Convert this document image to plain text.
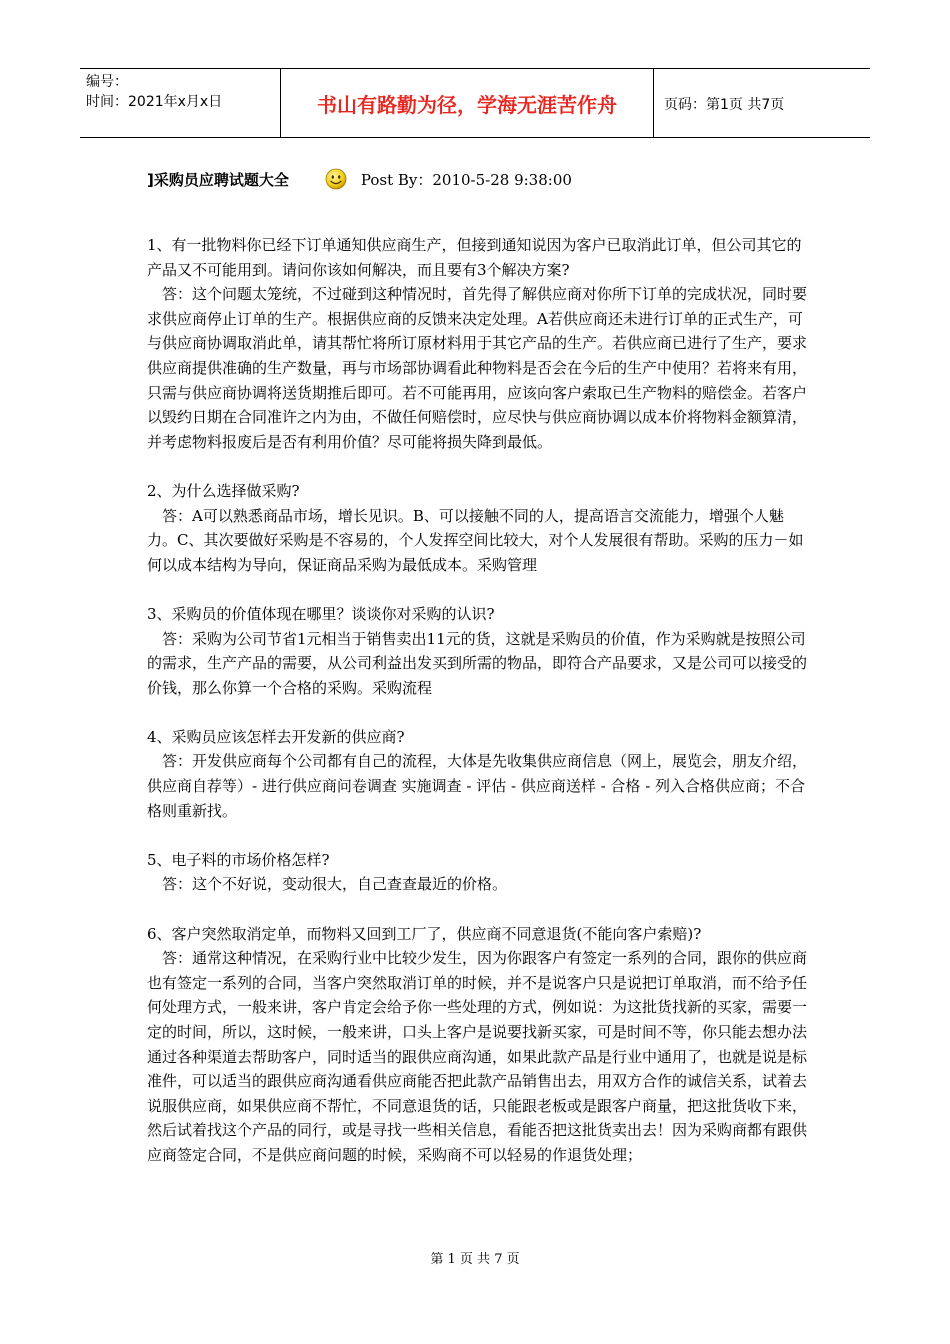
编号：
时间：2021年x月x日	书山有路勤为径，学海无涯苦作舟	页码：第1页 共7页
]采购员应聘试题大全	Post By：2010-5-28 9:38:00

1、有一批物料你已经下订单通知供应商生产，但接到通知说因为客户已取消此订单，但公司其它的产品又不可能用到。请问你该如何解决，而且要有3个解决方案?

答：这个问题太笼统，不过碰到这种情况时，首先得了解供应商对你所下订单的完成状况，同时要求供应商停止订单的生产。根据供应商的反馈来决定处理。A若供应商还未进行订单的正式生产，可与供应商协调取消此单，请其帮忙将所订原材料用于其它产品的生产。若供应商已进行了生产，要求供应商提供准确的生产数量，再与市场部协调看此种物料是否会在今后的生产中使用？若将来有用，只需与供应商协调将送货期推后即可。若不可能再用，应该向客户索取已生产物料的赔偿金。若客户以毁约日期在合同准许之内为由，不做任何赔偿时，应尽快与供应商协调以成本价将物料金额算清，并考虑物料报废后是否有利用价值？尽可能将损失降到最低。

2、为什么选择做采购?

答：A可以熟悉商品市场，增长见识。B、可以接触不同的人，提高语言交流能力，增强个人魅力。C、其次要做好采购是不容易的，个人发挥空间比较大，对个人发展很有帮助。采购的压力－如何以成本结构为导向，保证商品采购为最低成本。采购管理

3、采购员的价值体现在哪里？谈谈你对采购的认识?

答：采购为公司节省1元相当于销售卖出11元的货，这就是采购员的价值，作为采购就是按照公司的需求，生产产品的需要，从公司利益出发买到所需的物品，即符合产品要求，又是公司可以接受的价钱，那么你算一个合格的采购。采购流程

4、采购员应该怎样去开发新的供应商?

答：开发供应商每个公司都有自己的流程，大体是先收集供应商信息（网上，展览会，朋友介绍，供应商自荐等）- 进行供应商问卷调查 实施调查 - 评估 - 供应商送样 - 合格 - 列入合格供应商；不合格则重新找。

5、电子料的市场价格怎样?

答：这个不好说，变动很大，自己查查最近的价格。

6、客户突然取消定单，而物料又回到工厂了，供应商不同意退货(不能向客户索赔)?

答：通常这种情况，在采购行业中比较少发生，因为你跟客户有签定一系列的合同，跟你的供应商也有签定一系列的合同，当客户突然取消订单的时候，并不是说客户只是说把订单取消，而不给予任何处理方式，一般来讲，客户肯定会给予你一些处理的方式，例如说：为这批货找新的买家，需要一定的时间，所以，这时候，一般来讲，口头上客户是说要找新买家，可是时间不等，你只能去想办法通过各种渠道去帮助客户，同时适当的跟供应商沟通，如果此款产品是行业中通用了，也就是说是标准件，可以适当的跟供应商沟通看供应商能否把此款产品销售出去，用双方合作的诚信关系，试着去说服供应商，如果供应商不帮忙，不同意退货的话，只能跟老板或是跟客户商量，把这批货收下来，然后试着找这个产品的同行，或是寻找一些相关信息，看能否把这批货卖出去！因为采购商都有跟供应商签定合同，不是供应商问题的时候，采购商不可以轻易的作退货处理；

第 1 页 共 7 页
